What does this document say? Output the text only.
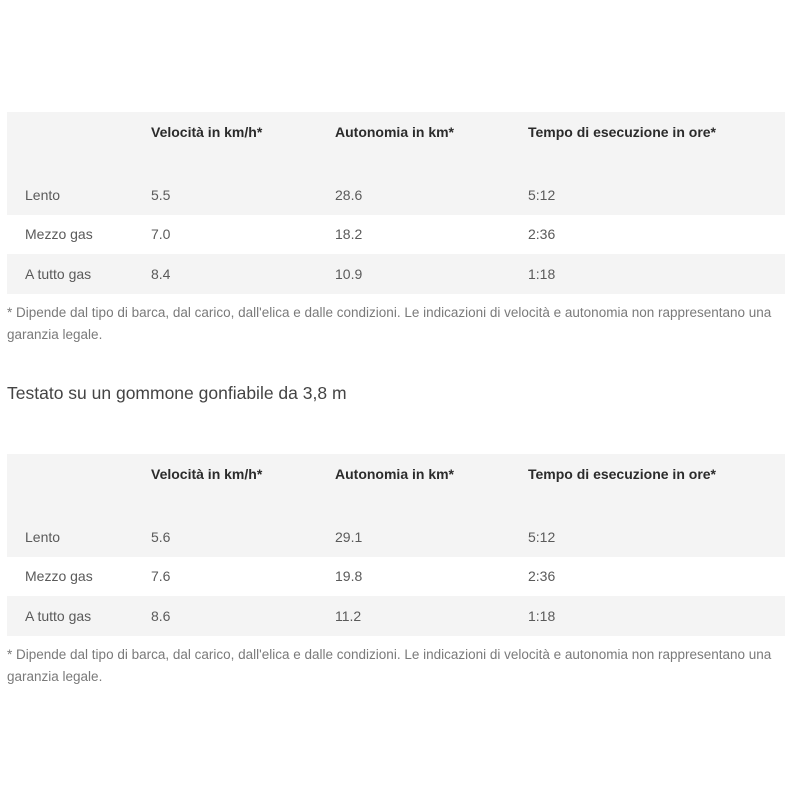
	Velocità in km/h*	Autonomia in km*	Tempo di esecuzione in ore*
Lento	5.5	28.6	5:12
Mezzo gas	7.0	18.2	2:36
A tutto gas	8.4	10.9	1:18
* Dipende dal tipo di barca, dal carico, dall'elica e dalle condizioni. Le indicazioni di velocità e autonomia non rappresentano una garanzia legale.
Testato su un gommone gonfiabile da 3,8 m
	Velocità in km/h*	Autonomia in km*	Tempo di esecuzione in ore*
Lento	5.6	29.1	5:12
Mezzo gas	7.6	19.8	2:36
A tutto gas	8.6	11.2	1:18
* Dipende dal tipo di barca, dal carico, dall'elica e dalle condizioni. Le indicazioni di velocità e autonomia non rappresentano una garanzia legale.
